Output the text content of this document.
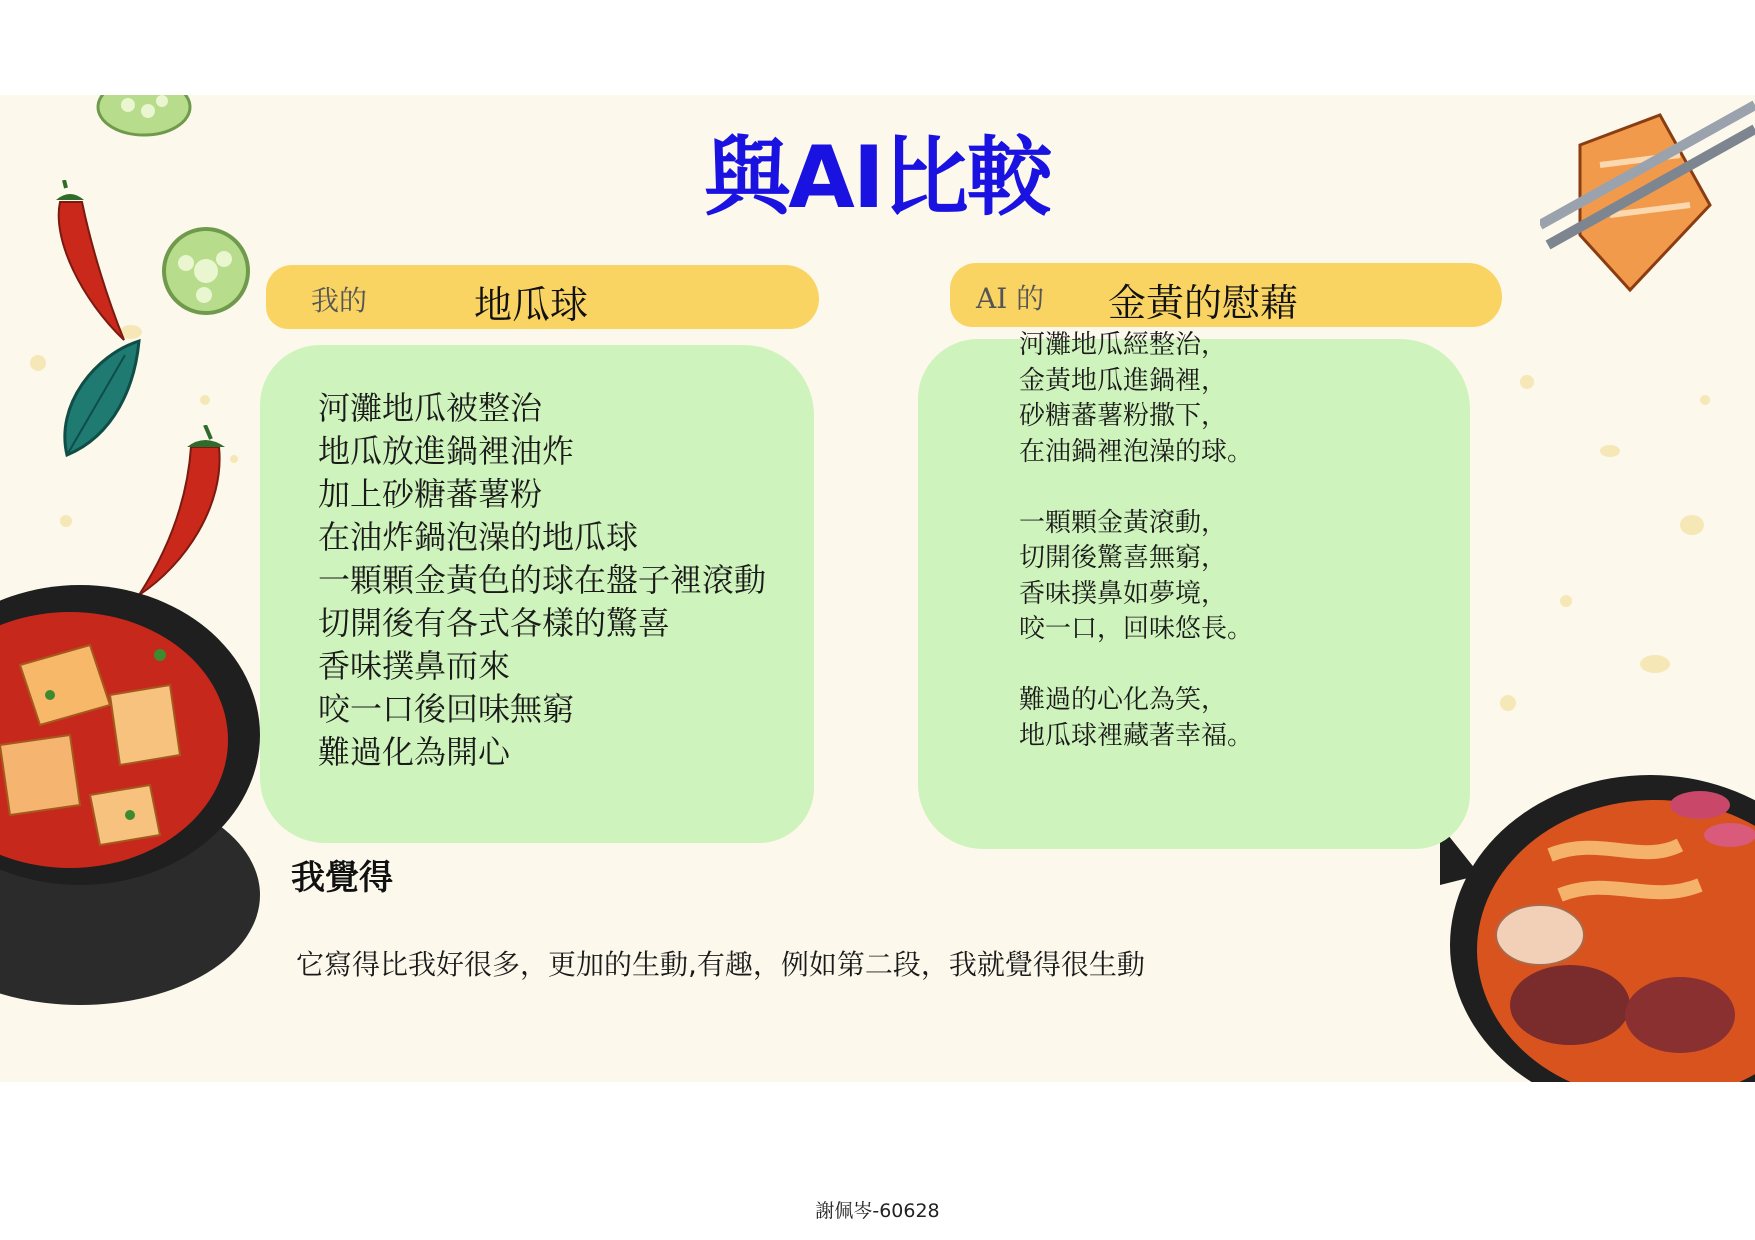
與AI比較
我的	地瓜球	AI 的 金黃的慰藉
河灘地瓜被整治
地瓜放進鍋裡油炸
加上砂糖蕃薯粉
在油炸鍋泡澡的地瓜球
一顆顆金黃色的球在盤子裡滾動
切開後有各式各樣的驚喜
香味撲鼻而來
咬一口後回味無窮
難過化為開心
河灘地瓜經整治，
金黃地瓜進鍋裡，
砂糖蕃薯粉撒下，
在油鍋裡泡澡的球。

一顆顆金黃滾動，
切開後驚喜無窮，
香味撲鼻如夢境，
咬一口，回味悠長。

難過的心化為笑，
地瓜球裡藏著幸福。
我覺得
它寫得比我好很多，更加的生動,有趣，例如第二段，我就覺得很生動
謝佩岑-60628
